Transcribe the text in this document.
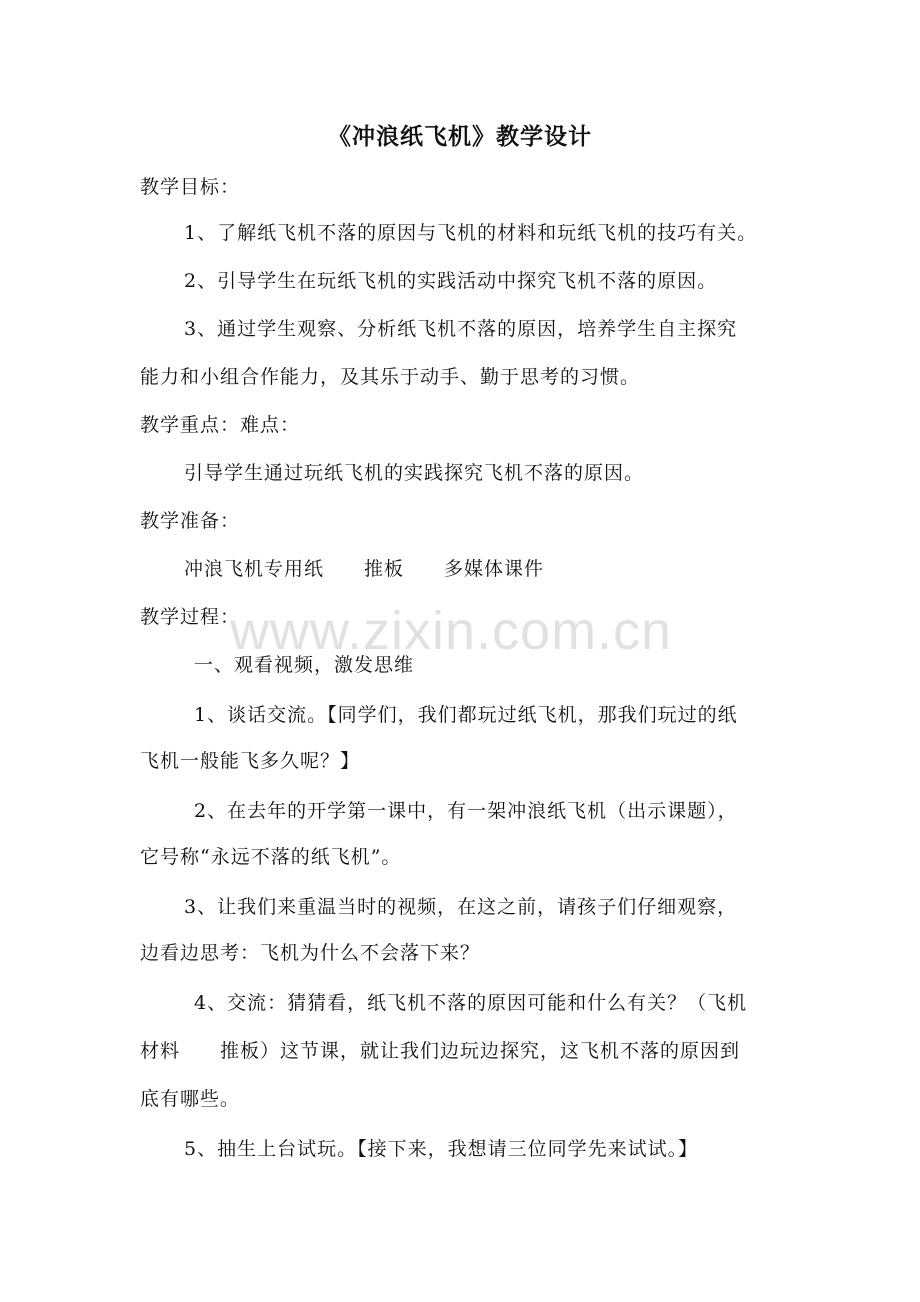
www.zixin.com.cn
《冲浪纸飞机》教学设计
教学目标：
1、了解纸飞机不落的原因与飞机的材料和玩纸飞机的技巧有关。
2、引导学生在玩纸飞机的实践活动中探究飞机不落的原因。
3、通过学生观察、分析纸飞机不落的原因，培养学生自主探究
能力和小组合作能力，及其乐于动手、勤于思考的习惯。
教学重点：难点：
引导学生通过玩纸飞机的实践探究飞机不落的原因。
教学准备：
冲浪飞机专用纸　　推板　　多媒体课件
教学过程：
一、观看视频，激发思维
1、谈话交流。【同学们，我们都玩过纸飞机，那我们玩过的纸
飞机一般能飞多久呢？】
2、在去年的开学第一课中，有一架冲浪纸飞机（出示课题），
它号称“永远不落的纸飞机”。
3、让我们来重温当时的视频，在这之前，请孩子们仔细观察，
边看边思考：飞机为什么不会落下来？
4、交流：猜猜看，纸飞机不落的原因可能和什么有关？（飞机
材料　　推板）这节课，就让我们边玩边探究，这飞机不落的原因到
底有哪些。
5、抽生上台试玩。【接下来，我想请三位同学先来试试。】
